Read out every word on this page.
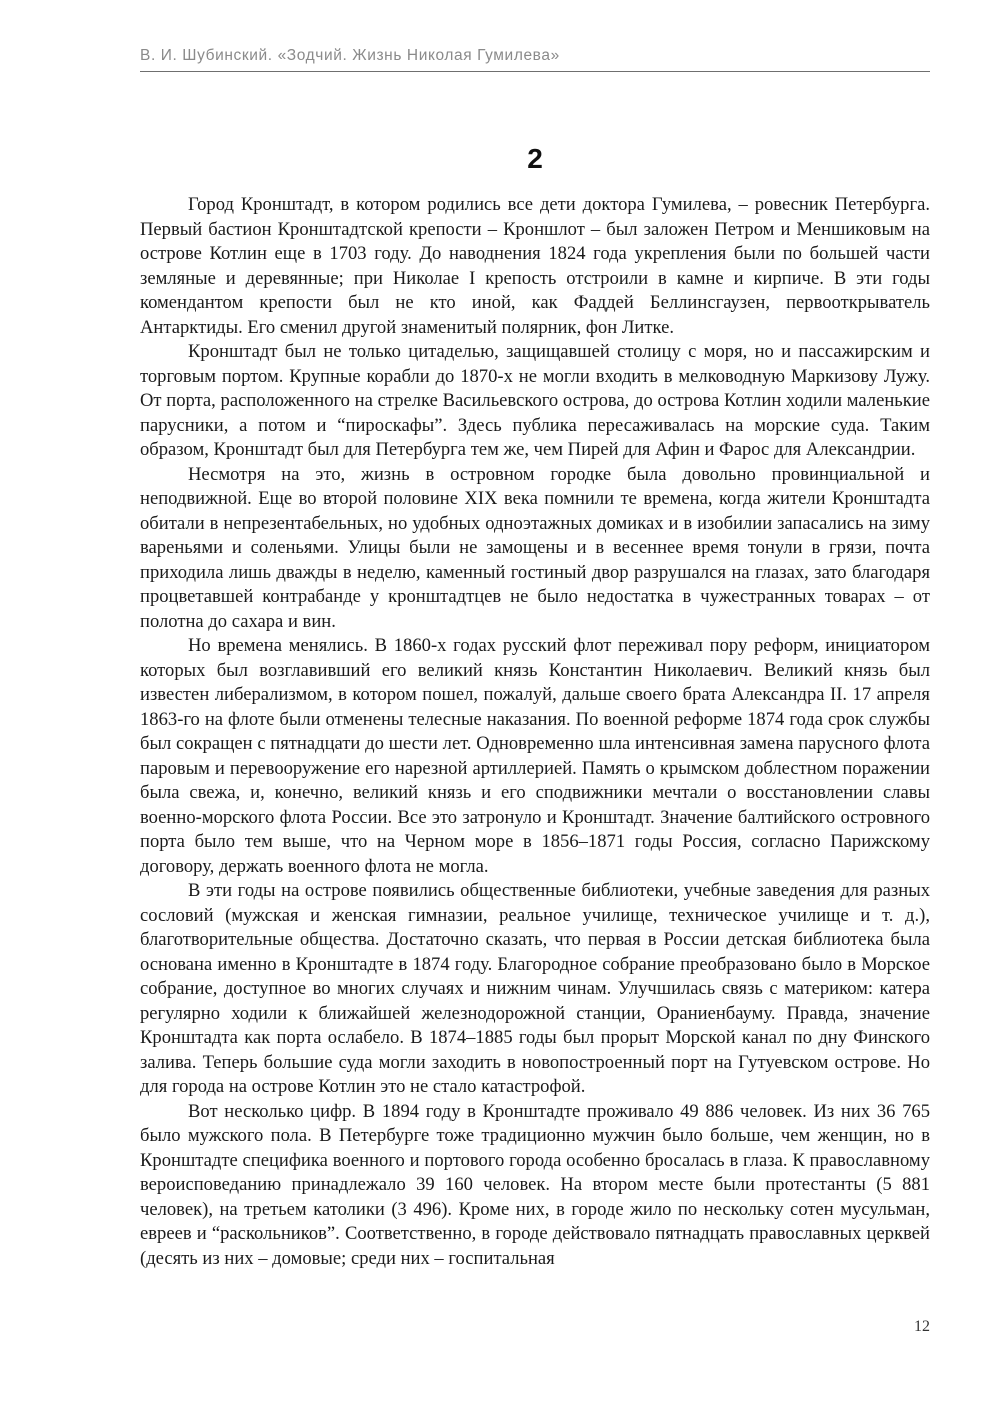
В. И. Шубинский. «Зодчий. Жизнь Николая Гумилева»
2

Город Кронштадт, в котором родились все дети доктора Гумилева, – ровесник Петербурга. Первый бастион Кронштадтской крепости – Кроншлот – был заложен Петром и Меншиковым на острове Котлин еще в 1703 году. До наводнения 1824 года укрепления были по большей части земляные и деревянные; при Николае I крепость отстроили в камне и кирпиче. В эти годы комендантом крепости был не кто иной, как Фаддей Беллинсгаузен, первооткрыватель Антарктиды. Его сменил другой знаменитый полярник, фон Литке.

Кронштадт был не только цитаделью, защищавшей столицу с моря, но и пассажирским и торговым портом. Крупные корабли до 1870-х не могли входить в мелководную Маркизову Лужу. От порта, расположенного на стрелке Васильевского острова, до острова Котлин ходили маленькие парусники, а потом и “пироскафы”. Здесь публика пересаживалась на морские суда. Таким образом, Кронштадт был для Петербурга тем же, чем Пирей для Афин и Фарос для Александрии.

Несмотря на это, жизнь в островном городке была довольно провинциальной и неподвижной. Еще во второй половине XIX века помнили те времена, когда жители Кронштадта обитали в непрезентабельных, но удобных одноэтажных домиках и в изобилии запасались на зиму вареньями и соленьями. Улицы были не замощены и в весеннее время тонули в грязи, почта приходила лишь дважды в неделю, каменный гостиный двор разрушался на глазах, зато благодаря процветавшей контрабанде у кронштадтцев не было недостатка в чужестранных товарах – от полотна до сахара и вин.

Но времена менялись. В 1860-х годах русский флот переживал пору реформ, инициатором которых был возглавивший его великий князь Константин Николаевич. Великий князь был известен либерализмом, в котором пошел, пожалуй, дальше своего брата Александра II. 17 апреля 1863-го на флоте были отменены телесные наказания. По военной реформе 1874 года срок службы был сокращен с пятнадцати до шести лет. Одновременно шла интенсивная замена парусного флота паровым и перевооружение его нарезной артиллерией. Память о крымском доблестном поражении была свежа, и, конечно, великий князь и его сподвижники мечтали о восстановлении славы военно-морского флота России. Все это затронуло и Кронштадт. Значение балтийского островного порта было тем выше, что на Черном море в 1856–1871 годы Россия, согласно Парижскому договору, держать военного флота не могла.

В эти годы на острове появились общественные библиотеки, учебные заведения для разных сословий (мужская и женская гимназии, реальное училище, техническое училище и т. д.), благотворительные общества. Достаточно сказать, что первая в России детская библиотека была основана именно в Кронштадте в 1874 году. Благородное собрание преобразовано было в Морское собрание, доступное во многих случаях и нижним чинам. Улучшилась связь с материком: катера регулярно ходили к ближайшей железнодорожной станции, Ораниенбауму. Правда, значение Кронштадта как порта ослабело. В 1874–1885 годы был прорыт Морской канал по дну Финского залива. Теперь большие суда могли заходить в новопостроенный порт на Гутуевском острове. Но для города на острове Котлин это не стало катастрофой.

Вот несколько цифр. В 1894 году в Кронштадте проживало 49 886 человек. Из них 36 765 было мужского пола. В Петербурге тоже традиционно мужчин было больше, чем женщин, но в Кронштадте специфика военного и портового города особенно бросалась в глаза. К православному вероисповеданию принадлежало 39 160 человек. На втором месте были протестанты (5 881 человек), на третьем католики (3 496). Кроме них, в городе жило по нескольку сотен мусульман, евреев и “раскольников”. Соответственно, в городе действовало пятнадцать православных церквей (десять из них – домовые; среди них – госпитальная

12
